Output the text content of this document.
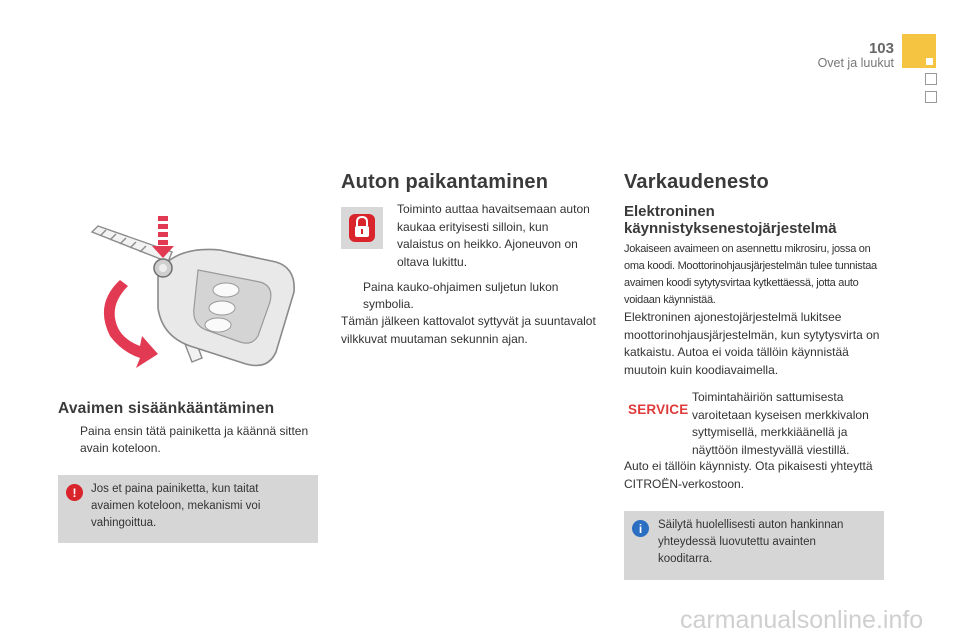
103
Ovet ja luukut
Avaimen sisäänkääntäminen
Paina ensin tätä painiketta ja käännä sitten avain koteloon.
!	Jos et paina painiketta, kun taitat avaimen koteloon, mekanismi voi vahingoittua.
Auton paikantaminen
Toiminto auttaa havaitsemaan auton kaukaa erityisesti silloin, kun valaistus on heikko. Ajoneuvon on oltava lukittu.
Paina kauko-ohjaimen suljetun lukon symbolia.
Tämän jälkeen kattovalot syttyvät ja suuntavalot vilkkuvat muutaman sekunnin ajan.
Varkaudenesto
Elektroninen käynnistyksenestojärjestelmä
Jokaiseen avaimeen on asennettu mikrosiru, jossa on oma koodi. Moottorinohjausjärjestelmän tulee tunnistaa avaimen koodi sytytysvirtaa kytkettäessä, jotta auto voidaan käynnistää.
Elektroninen ajonestojärjestelmä lukitsee moottorinohjausjärjestelmän, kun sytytysvirta on katkaistu. Autoa ei voida tällöin käynnistää muutoin kuin koodiavaimella.
SERVICE
Toimintahäiriön sattumisesta varoitetaan kyseisen merkkivalon syttymisellä, merkkiäänellä ja näyttöön ilmestyvällä viestillä.
Auto ei tällöin käynnisty. Ota pikaisesti yhteyttä CITROËN-verkostoon.
i	Säilytä huolellisesti auton hankinnan yhteydessä luovutettu avainten kooditarra.
carmanualsonline.info
